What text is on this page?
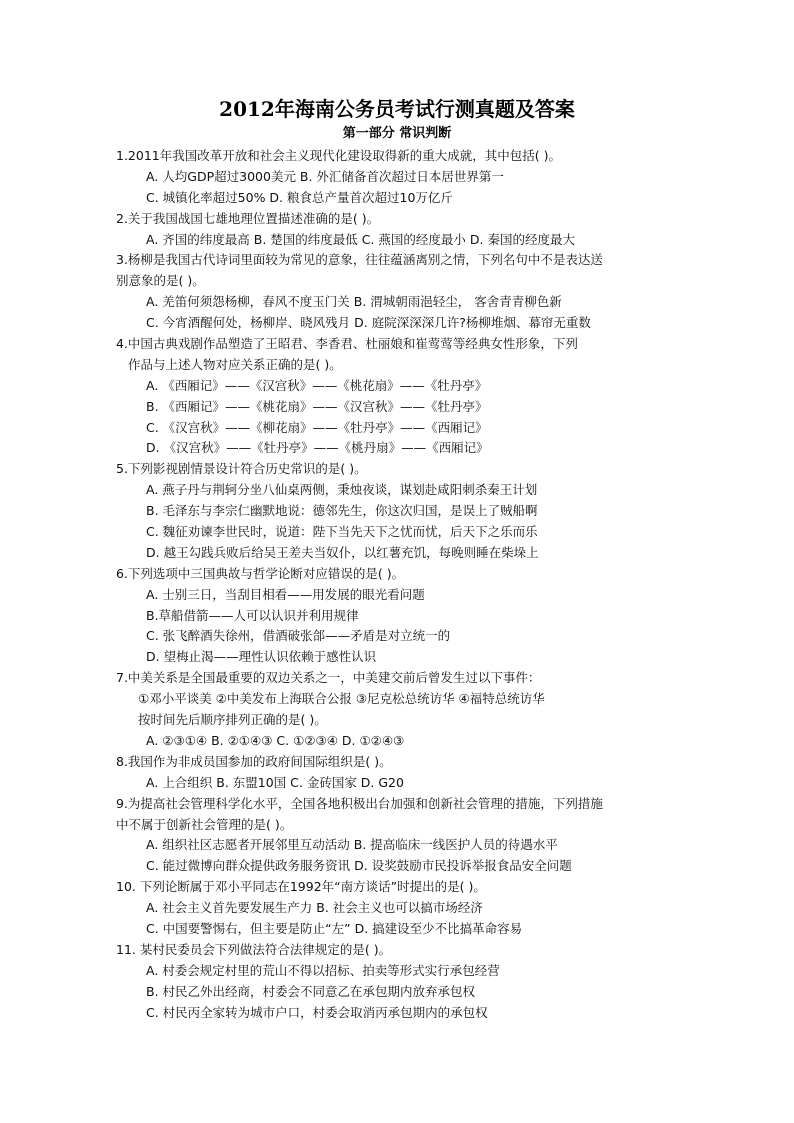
2012年海南公务员考试行测真题及答案
第一部分 常识判断

1.2011年我国改革开放和社会主义现代化建设取得新的重大成就，其中包括( )。

A. 人均GDP超过3000美元 B. 外汇储备首次超过日本居世界第一

C. 城镇化率超过50% D. 粮食总产量首次超过10万亿斤

2.关于我国战国七雄地理位置描述准确的是( )。

A. 齐国的纬度最高 B. 楚国的纬度最低 C. 燕国的经度最小 D. 秦国的经度最大

3.杨柳是我国古代诗词里面较为常见的意象，往往蕴涵离别之情，下列名句中不是表达送

别意象的是( )。

A. 羌笛何须怨杨柳，春风不度玉门关 B. 渭城朝雨浥轻尘， 客舍青青柳色新

C. 今宵酒醒何处，杨柳岸、晓风残月 D. 庭院深深深几许?杨柳堆烟、幕帘无重数

4.中国古典戏剧作品塑造了王昭君、李香君、杜丽娘和崔莺莺等经典女性形象，下列

作品与上述人物对应关系正确的是( )。

A. 《西厢记》——《汉宫秋》——《桃花扇》——《牡丹亭》

B. 《西厢记》——《桃花扇》——《汉宫秋》——《牡丹亭》

C. 《汉宫秋》——《柳花扇》——《牡丹亭》——《西厢记》

D. 《汉宫秋》——《牡丹亭》——《桃丹扇》——《西厢记》

5.下列影视剧情景设计符合历史常识的是( )。

A. 燕子丹与荆轲分坐八仙桌两侧，秉烛夜谈，谋划赴咸阳刺杀秦王计划

B. 毛泽东与李宗仁幽默地说：德邻先生，你这次归国，是误上了贼船啊

C. 魏征劝谏李世民时，说道：陛下当先天下之忧而忧，后天下之乐而乐

D. 越王勾践兵败后给吴王差夫当奴仆，以红薯充饥，每晚则睡在柴垛上

6.下列选项中三国典故与哲学论断对应错误的是( )。

A. 士别三日，当刮目相看——用发展的眼光看问题

B.草船借箭——人可以认识并利用规律

C. 张飞醉酒失徐州，借酒破张郃——矛盾是对立统一的

D. 望梅止渴——理性认识依赖于感性认识

7.中美关系是全国最重要的双边关系之一，中美建交前后曾发生过以下事件：

①邓小平谈美 ②中美发布上海联合公报 ③尼克松总统访华 ④福特总统访华

按时间先后顺序排列正确的是( )。

A. ②③①④ B. ②①④③ C. ①②③④ D. ①②④③

8.我国作为非成员国参加的政府间国际组织是( )。

A. 上合组织 B. 东盟10国 C. 金砖国家 D. G20

9.为提高社会管理科学化水平，全国各地积极出台加强和创新社会管理的措施，下列措施

中不属于创新社会管理的是( )。

A. 组织社区志愿者开展邻里互动活动 B. 提高临床一线医护人员的待遇水平

C. 能过微博向群众提供政务服务资讯 D. 设奖鼓励市民投诉举报食品安全问题

10. 下列论断属于邓小平同志在1992年“南方谈话”时提出的是( )。

A. 社会主义首先要发展生产力 B. 社会主义也可以搞市场经济

C. 中国要警惕右，但主要是防止“左” D. 搞建设至少不比搞革命容易

11. 某村民委员会下列做法符合法律规定的是( )。

A. 村委会规定村里的荒山不得以招标、拍卖等形式实行承包经营

B. 村民乙外出经商，村委会不同意乙在承包期内放弃承包权

C. 村民丙全家转为城市户口，村委会取消丙承包期内的承包权
